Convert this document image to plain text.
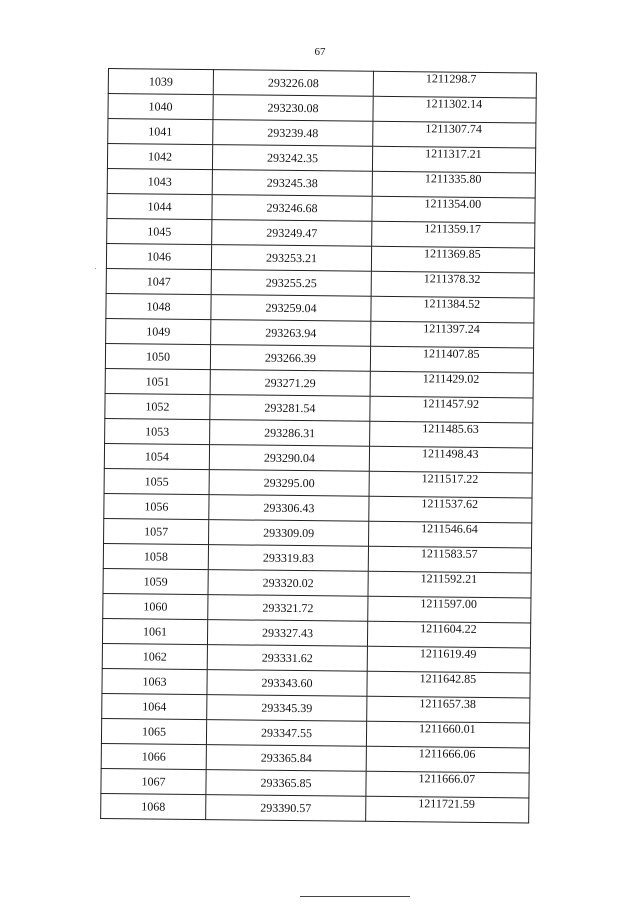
67
1039	293226.08	1211298.7

1040	293230.08	1211302.14

1041	293239.48	1211307.74

1042	293242.35	1211317.21

1043	293245.38	1211335.80

1044	293246.68	1211354.00

1045	293249.47	1211359.17

1046	293253.21	1211369.85

1047	293255.25	1211378.32

1048	293259.04	1211384.52

1049	293263.94	1211397.24

1050	293266.39	1211407.85

1051	293271.29	1211429.02

1052	293281.54	1211457.92

1053	293286.31	1211485.63

1054	293290.04	1211498.43

1055	293295.00	1211517.22

1056	293306.43	1211537.62

1057	293309.09	1211546.64

1058	293319.83	1211583.57

1059	293320.02	1211592.21

1060	293321.72	1211597.00

1061	293327.43	1211604.22

1062	293331.62	1211619.49

1063	293343.60	1211642.85

1064	293345.39	1211657.38

1065	293347.55	1211660.01

1066	293365.84	1211666.06

1067	293365.85	1211666.07

1068	293390.57	1211721.59
